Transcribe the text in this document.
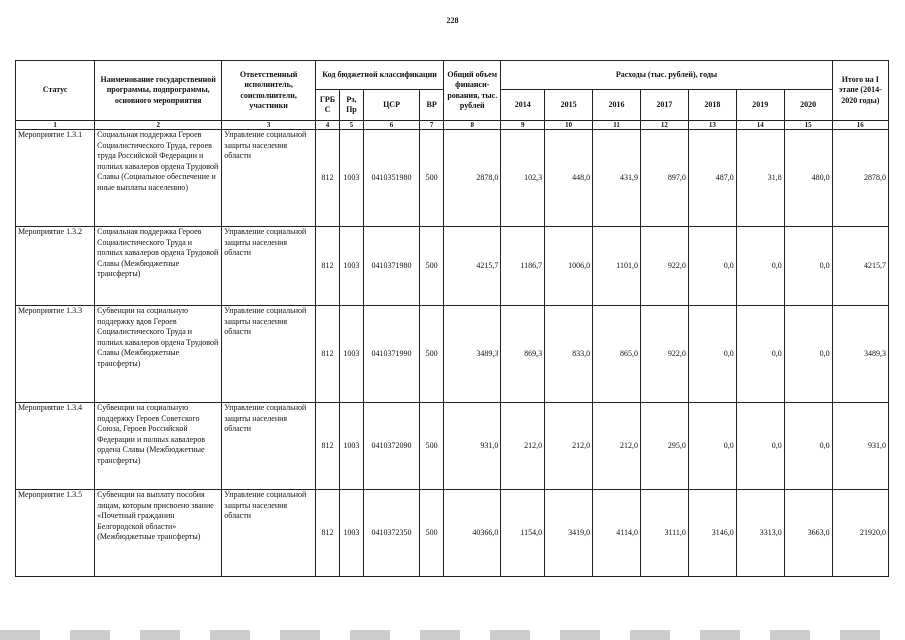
228
Статус	Наименование государственной программы, подпрограммы, основного мероприятия	Ответственный исполнитель, соисполнители, участники	Код бюджетной классификации				Общий объем финанси-рования, тыс. рублей	Расходы (тыс. рублей), годы							Итого на I этапе (2014-2020 годы)
			ГРБ С	Рз, Пр	ЦСР	ВР		2014	2015	2016	2017	2018	2019	2020	
1	2	3	4	5	6	7	8	9	10	11	12	13	14	15	16
Мероприятие 1.3.1	Социальная поддержка Героев Социалистического Труда, героев труда Российской Федерации и полных кавалеров ордена Трудовой Славы (Социальное обеспечение и иные выплаты населению)	Управление социальной защиты населения области	812	1003	0410351980	500	2878,0	102,3	448,0	431,9	897,0	487,0	31,8	480,0	2878,0
Мероприятие 1.3.2	Социальная поддержка Героев Социалистического Труда и полных кавалеров ордена Трудовой Славы (Межбюджетные трансферты)	Управление социальной защиты населения области	812	1003	0410371980	500	4215,7	1186,7	1006,0	1101,0	922,0	0,0	0,0	0,0	4215,7
Мероприятие 1.3.3	Субвенции на социальную поддержку вдов Героев Социалистического Труда и полных кавалеров ордена Трудовой Славы (Межбюджетные трансферты)	Управление социальной защиты населения области	812	1003	0410371990	500	3489,3	869,3	833,0	865,0	922,0	0,0	0,0	0,0	3489,3
Мероприятие 1.3.4	Субвенции на социальную поддержку Героев Советского Союза, Героев Российской Федерации и полных кавалеров ордена Славы (Межбюджетные трансферты)	Управление социальной защиты населения области	812	1003	0410372090	500	931,0	212,0	212,0	212,0	295,0	0,0	0,0	0,0	931,0
Мероприятие 1.3.5	Субвенции на выплату пособия лицам, которым присвоено звание «Почетный гражданин Белгородской области» (Межбюджетные трансферты)	Управление социальной защиты населения области	812	1003	0410372350	500	40366,0	1154,0	3419,0	4114,0	3111,0	3146,0	3313,0	3663,0	21920,0
